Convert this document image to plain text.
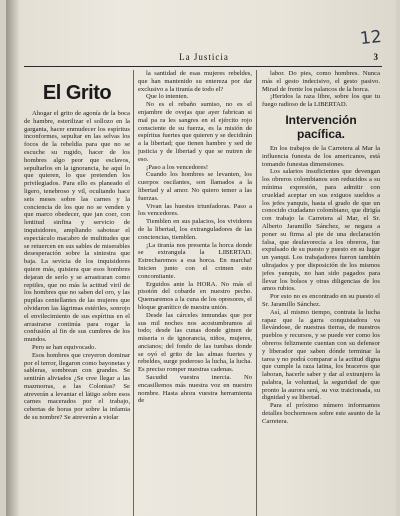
12
La Justicia	3
El Grito

Ahogar el grito de agonía de la boca de hambre, esterilizar el sollozo en la garganta, hacer enmudecer los espíritus inconformes, sepultar en las selvas los focos de la rebeldía para que no se escuche su rugido, hacer de los hombres algo peor que esclavos, sepultarlos en la ignorancia, he aquí lo que quieren, lo que pretenden los privilegiados. Para ello es planeado el ligero, tenebroso y vil, ocultando hace seis meses sobre las carnes y la conciencia de los que no se venden y que marco obedecer, que jan coer, con lentitud sinfina y servicio de inquisidores, ampliando sabotear el espectáculo macabro de multitudes que se retuercen en sus sables de miserables desesperación sobre la siniestra que baja. La sevicia de los inquisidores quiere más, quisiera que esos hombres dejaran de serlo y se arrastraran como reptiles, que no más la actitud viril de los hombres que no saben del oro, y las pupilas centellantes de las mujeres que olvidaron las lágrimas estériles, sonrojo el envilecimiento de sus espíritus en el arrastrarse continúa para rogar la confusión al fin de sus cumbres de los mundos.

Pero se han equivocado.

Esos hombres que creyeron dominar por el terror, llegaron como bayonetas y sableras, sombrean con grandes. Se sentirán aliviados ¿Se cree llegar a las mazmorras, a las Colonias? Se atreverán a levantar el látigo sobre esos carnes macerados por el trabajo, cebertas de horas por sobre la infamia de su nombre? Se atreverán a violar

la santidad de esas mujeres rebeldes, que han mantenido su entereza por dar exclusivo a la tiranía de todo el?

Que lo intenten.

No es el rebaño sumiso, no es el enjambre de ovejas que ayer fabrican si mal pa ra les sangres en el ejército rojo consciente de su fuerza, es la misión de espíritus fuertes que quieren y se decidirán a la libertad; que tienen hambre y sed de justicia y de libertad y que se nutren de eso.

¡Paso a los vencedores!

Cuando los hombres se levanten, los cuerpos oscilantes, son llamados a la libertad y al amor. No quiero temer a las fuerzas.

Vivan las huestes triunfadoras. Paso a los vencedores.

Tiemblen en sus palacios, los vividores de la libertad, los extranguladores de las conciencias, tiemblen.

¡La tiranía nos presenta la horca donde se extrangula la LIBERTAD. Estrecharemos a esa horca. En marcha! Inicien junto con el crimen esto concomitante.

Erguidos ante la HORA. No más el pisotón del cobarde en nuestro pecho. Quemaremos a la cuna de los opresores, el bloque granítico de nuestra unión.

Desde las cárceles inmundas que por sus mil noches nos acostumbramos al todo; desde las cunas donde gimen de miseria o de ignorancia, niños, mujeres, ancianos; del fondo de las tumbas donde se oyó el grito de las almas fuertes y rebeldes, surge poderoso la lucha, la lucha. Es preciso romper nuestras cadenas.

Sacudid vuestra inercia. No encasillemos más nuestra voz en nuestro nombre. Hasta ahora vuestra herramienta de

labor. Do pies, como hombres. Nunca más el gesto indecisivo, el gesto pasivo. Mirad de frente los palancos de la horca.

¡Heridos la raza libre, sobre los que tu fuego radioso de la LIBERTAD.

Intervención pacífica.

En los trabajos de la Carretera al Mar la influencia funesta de los americanos, está tomando funestas dimensiones.

Los salarios insuficientes que devengan los obreros colombianos son reducidos a su mínima expresión, para admitir con crueldad aceptar en sus exiguos sueldos a los jefes yanquis, hasta el grado de que un conocido ciudadano colombiano, que dirigía con trabajo la Carretera al Mar, el Sr. Alberto Jaramillo Sánchez, se negara a poner su firma al pie de una declaración falsa, que desfavorecía a los obreros, fue expulsado de su puesto y puesto en su lugar un yanqui. Los trabajadores fueron también ultrajados y por disposición de los mismos jefes yanquis, no han sido pagados para llevar los bolsos y otras diligencias de los amos rubios.

Por esto no es encontrado en su puesto el Sr. Jaramillo Sánchez.

Así, al mismo tiempo, contrata la lucha rapaz que la garra conquistadora va llevándose, de nuestras tierras, de nuestros pueblos y recursos, y se puede ver como los obreros felizmente cuentan con su defensor y liberador que saben dónde terminar la tarea y no podrá comparar a la actitud digna que cumple la raza latina, los braceros que laboran, hacerle saber y dar al extranjero la palabra, la voluntad, la seguridad de que pronto la aurora será, su voz traicionada, su dignidad y su libertad.

Para el próximo número informamos detalles bochornosos sobre este asunto de la Carretera.
